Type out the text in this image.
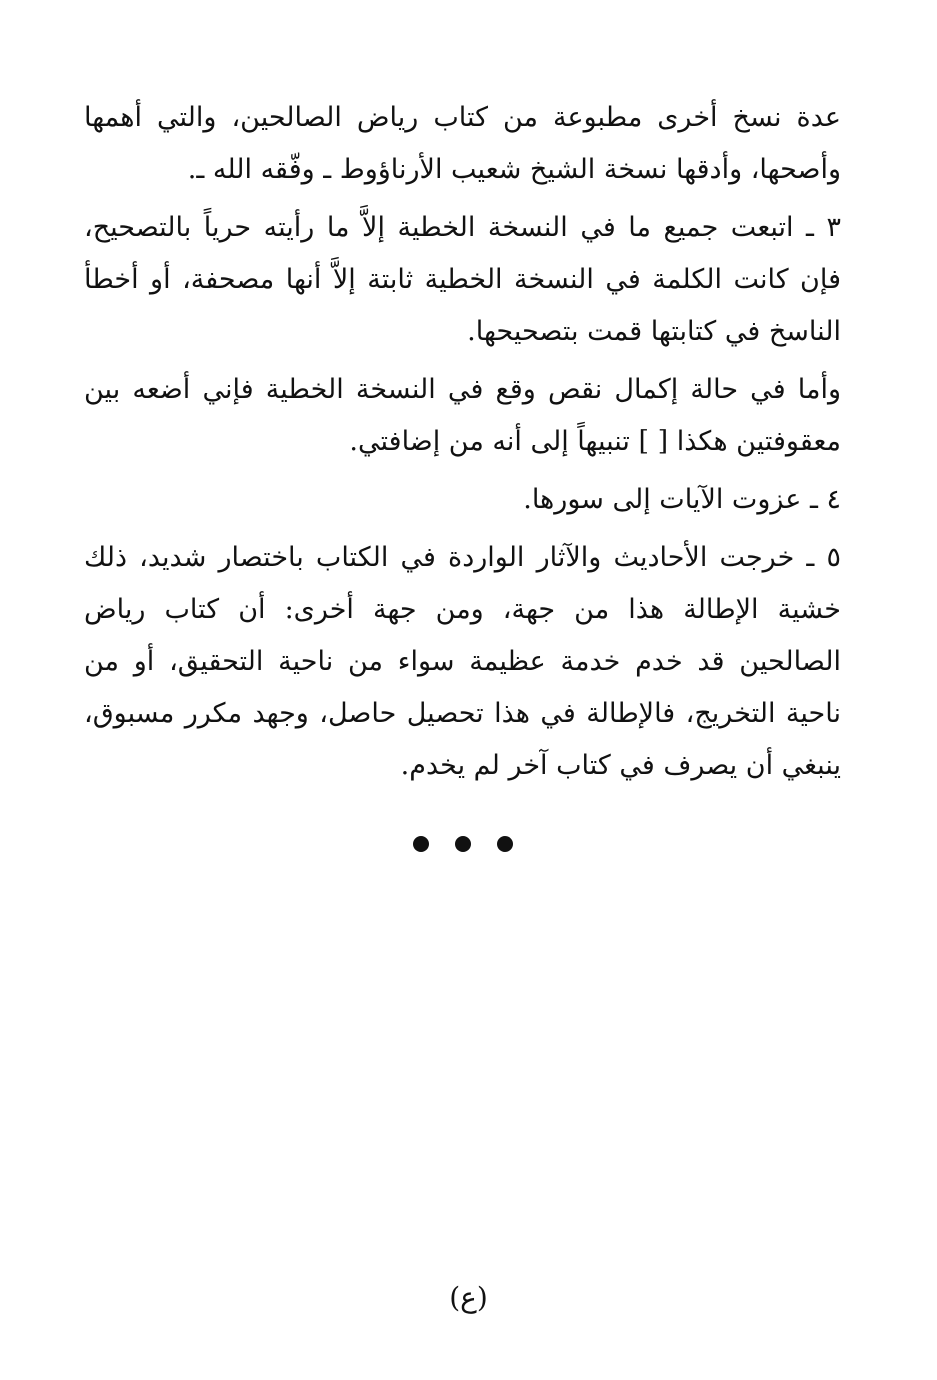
عدة نسخ أخرى مطبوعة من كتاب رياض الصالحين، والتي أهمها وأصحها، وأدقها نسخة الشيخ شعيب الأرناؤوط ـ وفّقه الله ـ.

٣ ـ اتبعت جميع ما في النسخة الخطية إلاَّ ما رأيته حرياً بالتصحيح، فإن كانت الكلمة في النسخة الخطية ثابتة إلاَّ أنها مصحفة، أو أخطأ الناسخ في كتابتها قمت بتصحيحها.

وأما في حالة إكمال نقص وقع في النسخة الخطية فإني أضعه بين معقوفتين هكذا [ ] تنبيهاً إلى أنه من إضافتي.

٤ ـ عزوت الآيات إلى سورها.

٥ ـ خرجت الأحاديث والآثار الواردة في الكتاب باختصار شديد، ذلك خشية الإطالة هذا من جهة، ومن جهة أخرى: أن كتاب رياض الصالحين قد خدم خدمة عظيمة سواء من ناحية التحقيق، أو من ناحية التخريج، فالإطالة في هذا تحصيل حاصل، وجهد مكرر مسبوق، ينبغي أن يصرف في كتاب آخر لم يخدم.

(ع)
